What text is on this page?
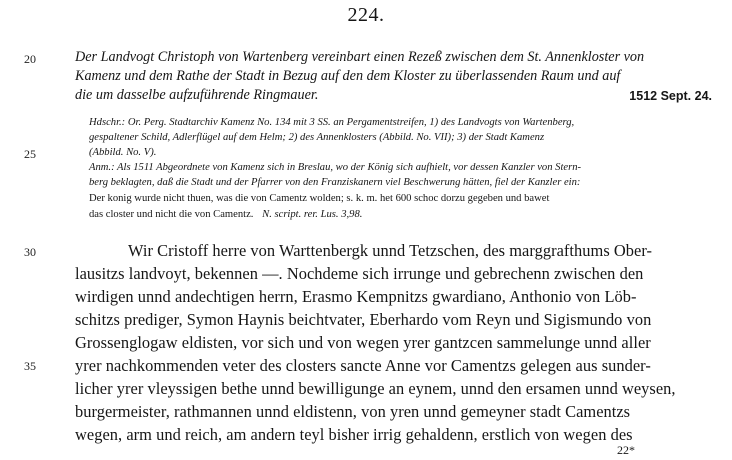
224.
20	Der Landvogt Christoph von Wartenberg vereinbart einen Rezeß zwischen dem St. Annenkloster von
Kamenz und dem Rathe der Stadt in Bezug auf den dem Kloster zu überlassenden Raum und auf
die um dasselbe aufzuführende Ringmauer.	1512 Sept. 24.
Hdschr.: Or. Perg. Stadtarchiv Kamenz No. 134 mit 3 SS. an Pergamentstreifen, 1) des Landvogts von Wartenberg,
gespaltener Schild, Adlerflügel auf dem Helm; 2) des Annenklosters (Abbild. No. VII); 3) der Stadt Kamenz
25	(Abbild. No. V).
Anm.: Als 1511 Abgeordnete von Kamenz sich in Breslau, wo der König sich aufhielt, vor dessen Kanzler von Stern-
berg beklagten, daß die Stadt und der Pfarrer von den Franziskanern viel Beschwerung hätten, fiel der Kanzler ein:
Der konig wurde nicht thuen, was die von Camentz wolden; s. k. m. het 600 schoc dorzu gegeben und bawet
das closter und nicht die von Camentz. N. script. rer. Lus. 3,98.
30	Wir Cristoff herre von Warttenbergk unnd Tetzschen, des marggrafthums Ober-
lausitzs landvoyt, bekennen —. Nochdeme sich irrunge und gebrechenn zwischen den
wirdigen unnd andechtigen herrn, Erasmo Kempnitzs gwardiano, Anthonio von Löb-
schitzs prediger, Symon Haynis beichtvater, Eberhardo vom Reyn und Sigismundo von
Grossenglogaw eldisten, vor sich und von wegen yrer gantzcen sammelunge unnd aller
35 yrer nachkommenden veter des closters sancte Anne vor Camentzs gelegen aus sunder-
licher yrer vleyssigen bethe unnd bewilligunge an eynem, unnd den ersamen unnd weysen,
burgermeister, rathmannen unnd eldistenn, von yren unnd gemeyner stadt Camentzs
wegen, arm und reich, am andern teyl bisher irrig gehaldenn, erstlich von wegen des
22*
